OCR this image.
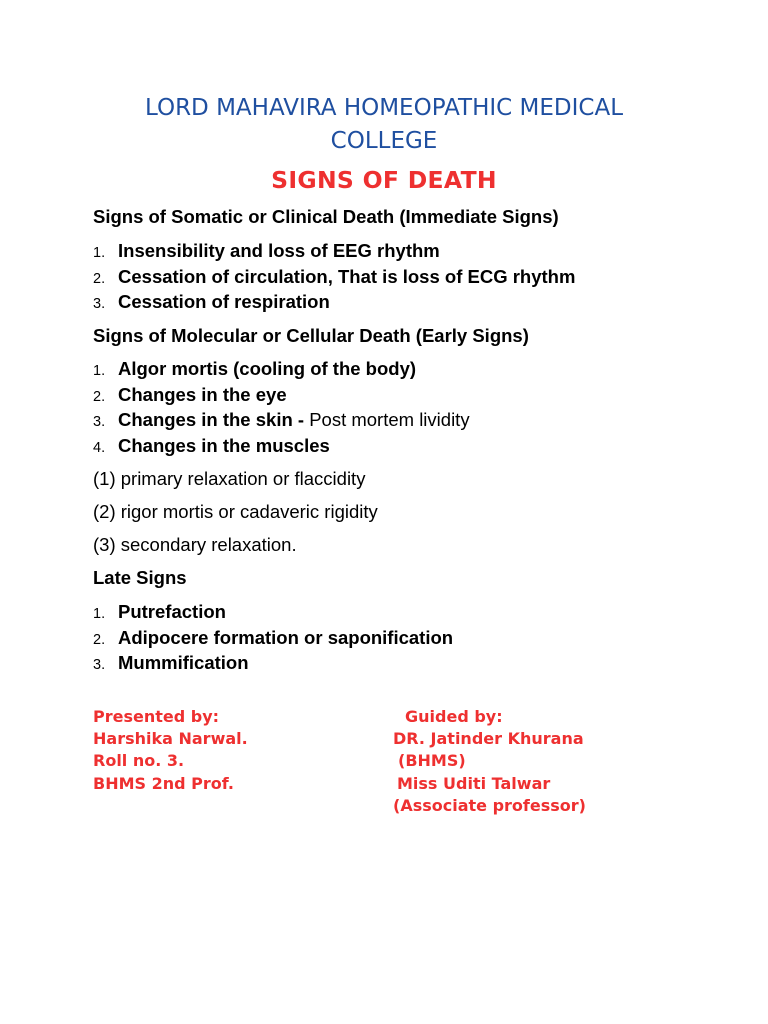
LORD MAHAVIRA HOMEOPATHIC MEDICAL
COLLEGE
SIGNS OF DEATH
Signs of Somatic or Clinical Death (Immediate Signs)
1. Insensibility and loss of EEG rhythm
2. Cessation of circulation, That is loss of ECG rhythm
3. Cessation of respiration
Signs of Molecular or Cellular Death (Early Signs)
1. Algor mortis (cooling of the body)
2. Changes in the eye
3. Changes in the skin - Post mortem lividity
4. Changes in the muscles
(1) primary relaxation or flaccidity
(2) rigor mortis or cadaveric rigidity
(3) secondary relaxation.
Late Signs
1. Putrefaction
2. Adipocere formation or saponification
3. Mummification
Presented by:
Harshika Narwal.
Roll no. 3.
BHMS 2nd Prof.
Guided by:
DR. Jatinder Khurana
(BHMS)
Miss Uditi Talwar
(Associate professor)
